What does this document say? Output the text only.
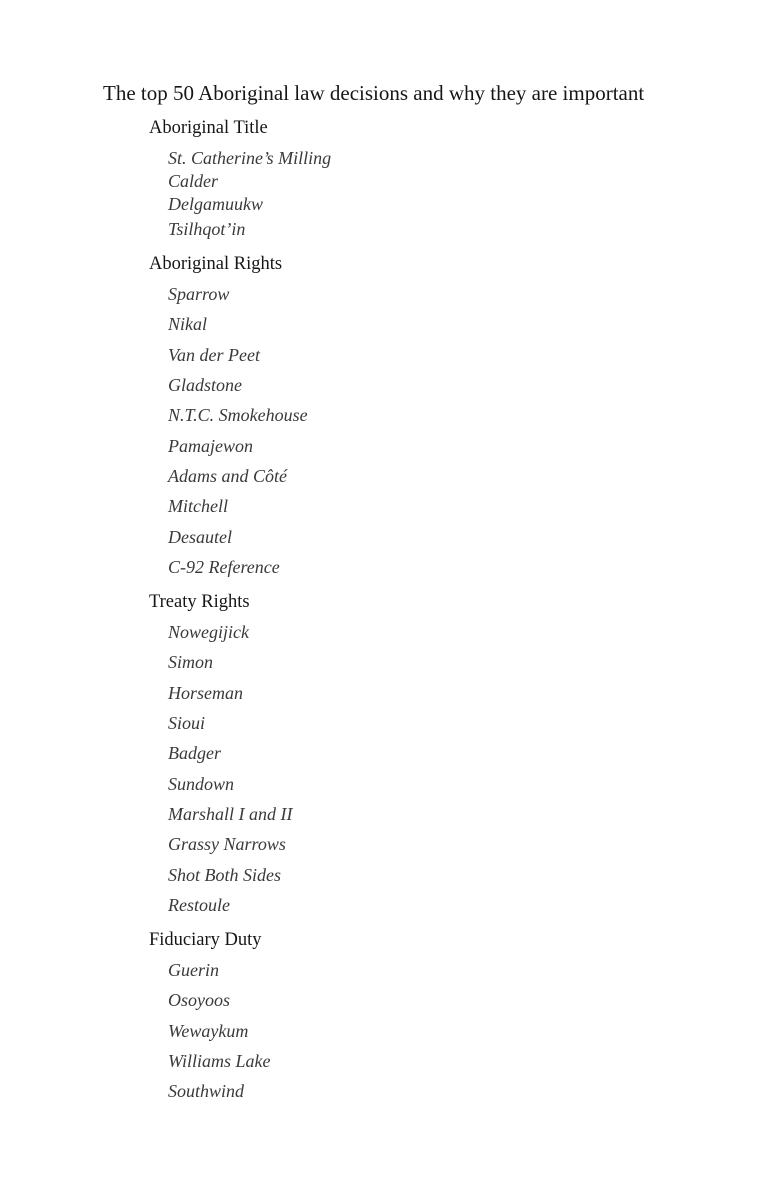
The top 50 Aboriginal law decisions and why they are important
Aboriginal Title
St. Catherine’s Milling
Calder
Delgamuukw
Tsilhqot’in
Aboriginal Rights
Sparrow
Nikal
Van der Peet
Gladstone
N.T.C. Smokehouse
Pamajewon
Adams and Côté
Mitchell
Desautel
C-92 Reference
Treaty Rights
Nowegijick
Simon
Horseman
Sioui
Badger
Sundown
Marshall I and II
Grassy Narrows
Shot Both Sides
Restoule
Fiduciary Duty
Guerin
Osoyoos
Wewaykum
Williams Lake
Southwind
